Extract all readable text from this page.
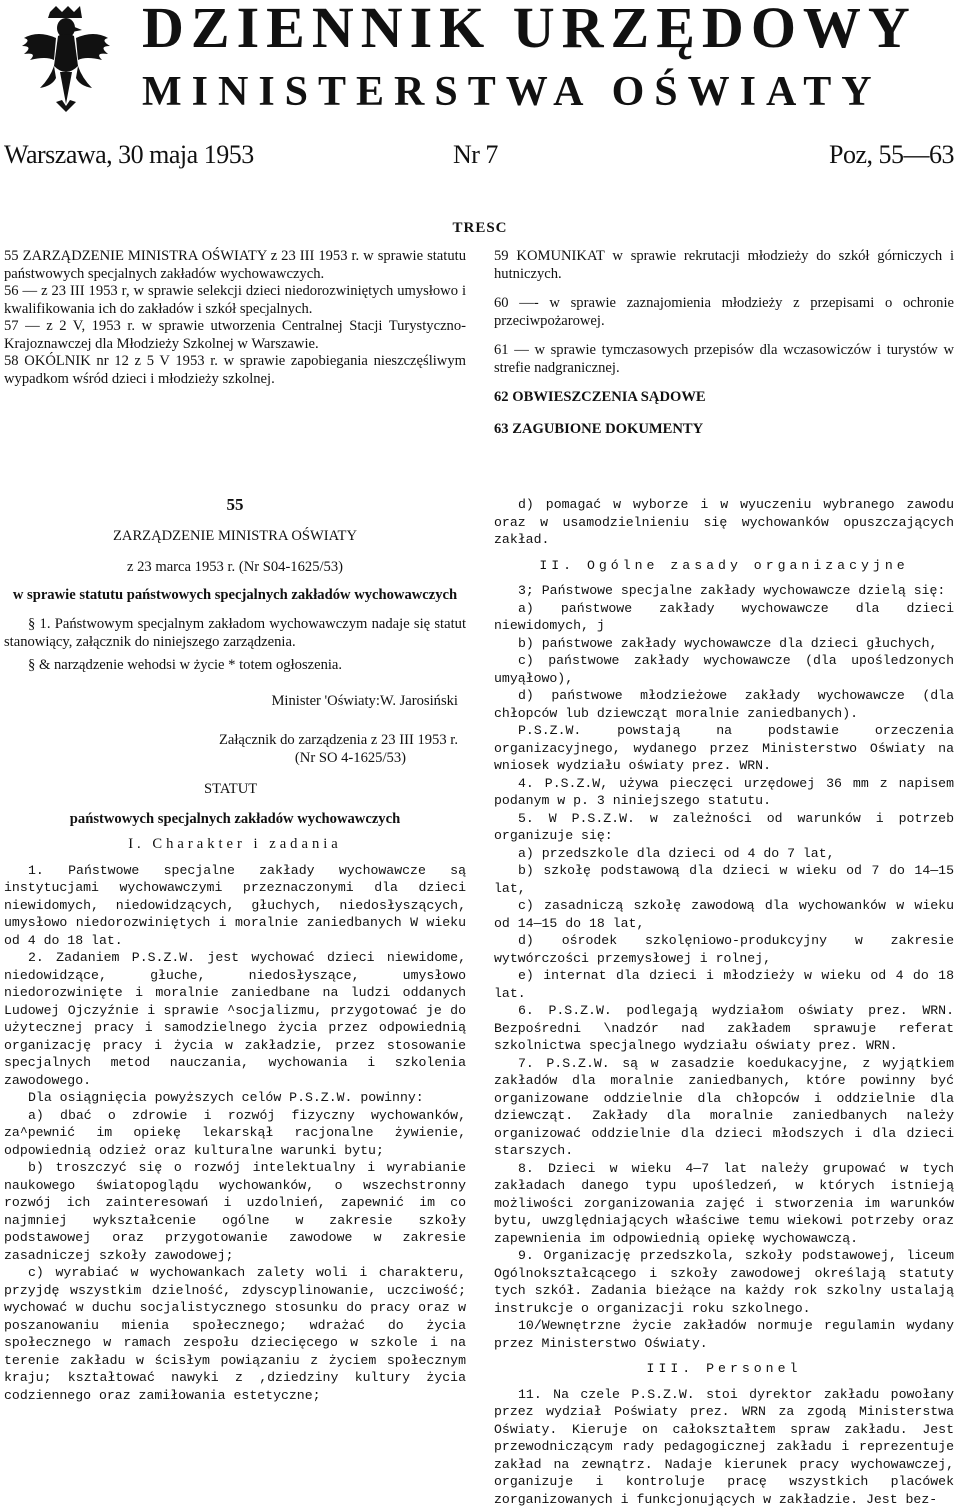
DZIENNIK URZĘDOWY
MINISTERSTWA OŚWIATY
Warszawa, 30 maja 1953	Nr 7	Poz, 55—63
TRESC

55 ZARZĄDZENIE MINISTRA OŚWIATY z 23 III 1953 r. w sprawie statutu państwowych specjalnych zakładów wychowawczych.

56 — z 23 III 1953 r, w sprawie selekcji dzieci niedorozwiniętych umysłowo i kwalifikowania ich do zakładów i szkół specjalnych.

57 — z 2 V, 1953 r. w sprawie utworzenia Centralnej Stacji Turystyczno-Krajoznawczej dla Młodzieży Szkolnej w Warszawie.

58 OKÓLNIK nr 12 z 5 V 1953 r. w sprawie zapobiegania nieszczęśliwym wypadkom wśród dzieci i młodzieży szkolnej.

59 KOMUNIKAT w sprawie rekrutacji młodzieży do szkół górniczych i hutniczych.

60 —- w sprawie zaznajomienia młodzieży z przepisami o ochronie przeciwpożarowej.

61 — w sprawie tymczasowych przepisów dla wczasowiczów i turystów w strefie nadgranicznej.

62 OBWIESZCZENIA SĄDOWE

63 ZAGUBIONE DOKUMENTY

55

ZARZĄDZENIE MINISTRA OŚWIATY

z 23 marca 1953 r. (Nr S04-1625/53)

w sprawie statutu państwowych specjalnych zakładów wychowawczych

§ 1. Państwowym specjalnym zakładom wychowawczym nadaje się statut stanowiący, załącznik do niniejszego zarządzenia.

§ & narządzenie wehodsi w życie * totem ogłoszenia.

Minister 'Oświaty:W. Jarosiński

Załącznik do zarządzenia z 23 III 1953 r.

(Nr SO 4-1625/53)

STATUT

państwowych specjalnych zakładów wychowawczych

I. Charakter i zadania

1. Państwowe specjalne zakłady wychowawcze są instytucjami wychowawczymi przeznaczonymi dla dzieci niewidomych, niedowidzących, głuchych, niedosłyszących, umysłowo niedorozwiniętych i moralnie zaniedbanych W wieku od 4 do 18 lat.

2. Zadaniem P.S.Z.W. jest wychować dzieci niewidome, niedowidzące, głuche, niedosłyszące, umysłowo niedorozwinięte i moralnie zaniedbane na ludzi oddanych Ludowej Ojczyźnie i sprawie ^socjalizmu, przygotować je do użytecznej pracy i samodzielnego życia przez odpowiednią organizację pracy i życia w zakładzie, przez stosowanie specjalnych metod nauczania, wychowania i szkolenia zawodowego.

Dla osiągnięcia powyższych celów P.S.Z.W. powinny:

a) dbać o zdrowie i rozwój fizyczny wychowanków, za^pewnić im opiekę lekarskął racjonalne żywienie, odpowiednią odzież oraz kulturalne warunki bytu;

b) troszczyć się o rozwój intelektualny i wyrabianie naukowego światopoglądu wychowanków, o wszechstronny rozwój ich zainteresowań i uzdolnień, zapewnić im co najmniej wykształcenie ogólne w zakresie szkoły podstawowej oraz przygotowanie zawodowe w zakresie zasadniczej szkoły zawodowej;

c) wyrabiać w wychowankach zalety woli i charakteru, przyjdę wszystkim dzielność, zdyscyplinowanie, uczciwość; wychować w duchu socjalistycznego stosunku do pracy oraz w poszanowaniu mienia społecznego; wdrażać do życia społecznego w ramach zespołu dziecięcego w szkole i na terenie zakładu w ścisłym powiązaniu z życiem społecznym kraju; kształtować nawyki z ,dziedziny kultury życia codziennego oraz zamiłowania estetyczne;

d) pomagać w wyborze i w wyuczeniu wybranego zawodu oraz w usamodzielnieniu się wychowanków opuszczających zakład.

II. Ogólne zasady organizacyjne

3; Państwowe specjalne zakłady wychowawcze dzielą się:

a) państwowe zakłady wychowawcze dla dzieci niewidomych, j

b) państwowe zakłady wychowawcze dla dzieci głuchych,

c) państwowe zakłady wychowawcze (dla upośledzonych umyąłowo),

d) państwowe młodzieżowe zakłady wychowawcze (dla chłopców lub dziewcząt moralnie zaniedbanych).

P.S.Z.W. powstają na podstawie orzeczenia organizacyjnego, wydanego przez Ministerstwo Oświaty na wniosek wydziału oświaty prez. WRN.

4. P.S.Z.W, używa pieczęci urzędowej 36 mm z napisem podanym w p. 3 niniejszego statutu.

5. W P.S.Z.W. w zależności od warunków i potrzeb organizuje się:

a) przedszkole dla dzieci od 4 do 7 lat,

b) szkołę podstawową dla dzieci w wieku od 7 do 14—15 lat,

c) zasadniczą szkołę zawodową dla wychowanków w wieku od 14—15 do 18 lat,

d) ośrodek szkolęniowo-produkcyjny w zakresie wytwórczości przemysłowej i rolnej,

e) internat dla dzieci i młodzieży w wieku od 4 do 18 lat.

6. P.S.Z.W. podlegają wydziałom oświaty prez. WRN. Bezpośredni \nadzór nad zakładem sprawuje referat szkolnictwa specjalnego wydziału oświaty prez. WRN.

7. P.S.Z.W. są w zasadzie koedukacyjne, z wyjątkiem zakładów dla moralnie zaniedbanych, które powinny być organizowane oddzielnie dla chłopców i oddzielnie dla dziewcząt. Zakłady dla moralnie zaniedbanych należy organizować oddzielnie dla dzieci młodszych i dla dzieci starszych.

8. Dzieci w wieku 4—7 lat należy grupować w tych zakładach danego typu upośledzeń, w których istnieją możliwości zorganizowania zajęć i stworzenia im warunków bytu, uwzględniających właściwe temu wiekowi potrzeby oraz zapewnienia im odpowiednią opiekę wychowawczą.

9. Organizację przedszkola, szkoły podstawowej, liceum Ogólnokształcącego i szkoły zawodowej określają statuty tych szkół. Zadania bieżące na każdy rok szkolny ustalają instrukcje o organizacji roku szkolnego.

10/Wewnętrzne życie zakładów normuje regulamin wydany przez Ministerstwo Oświaty.

III. Personel

11. Na czele P.S.Z.W. stoi dyrektor zakładu powołany przez wydział Poświaty prez. WRN za zgodą Ministerstwa Oświaty. Kieruje on całokształtem spraw zakładu. Jest przewodniczącym rady pedagogicznej zakładu i reprezentuje zakład na zewnątrz. Nadaje kierunek pracy wychowawczej, organizuje i kontroluje pracę wszystkich placówek zorganizowanych i funkcjonujących w zakładzie. Jest bez-
